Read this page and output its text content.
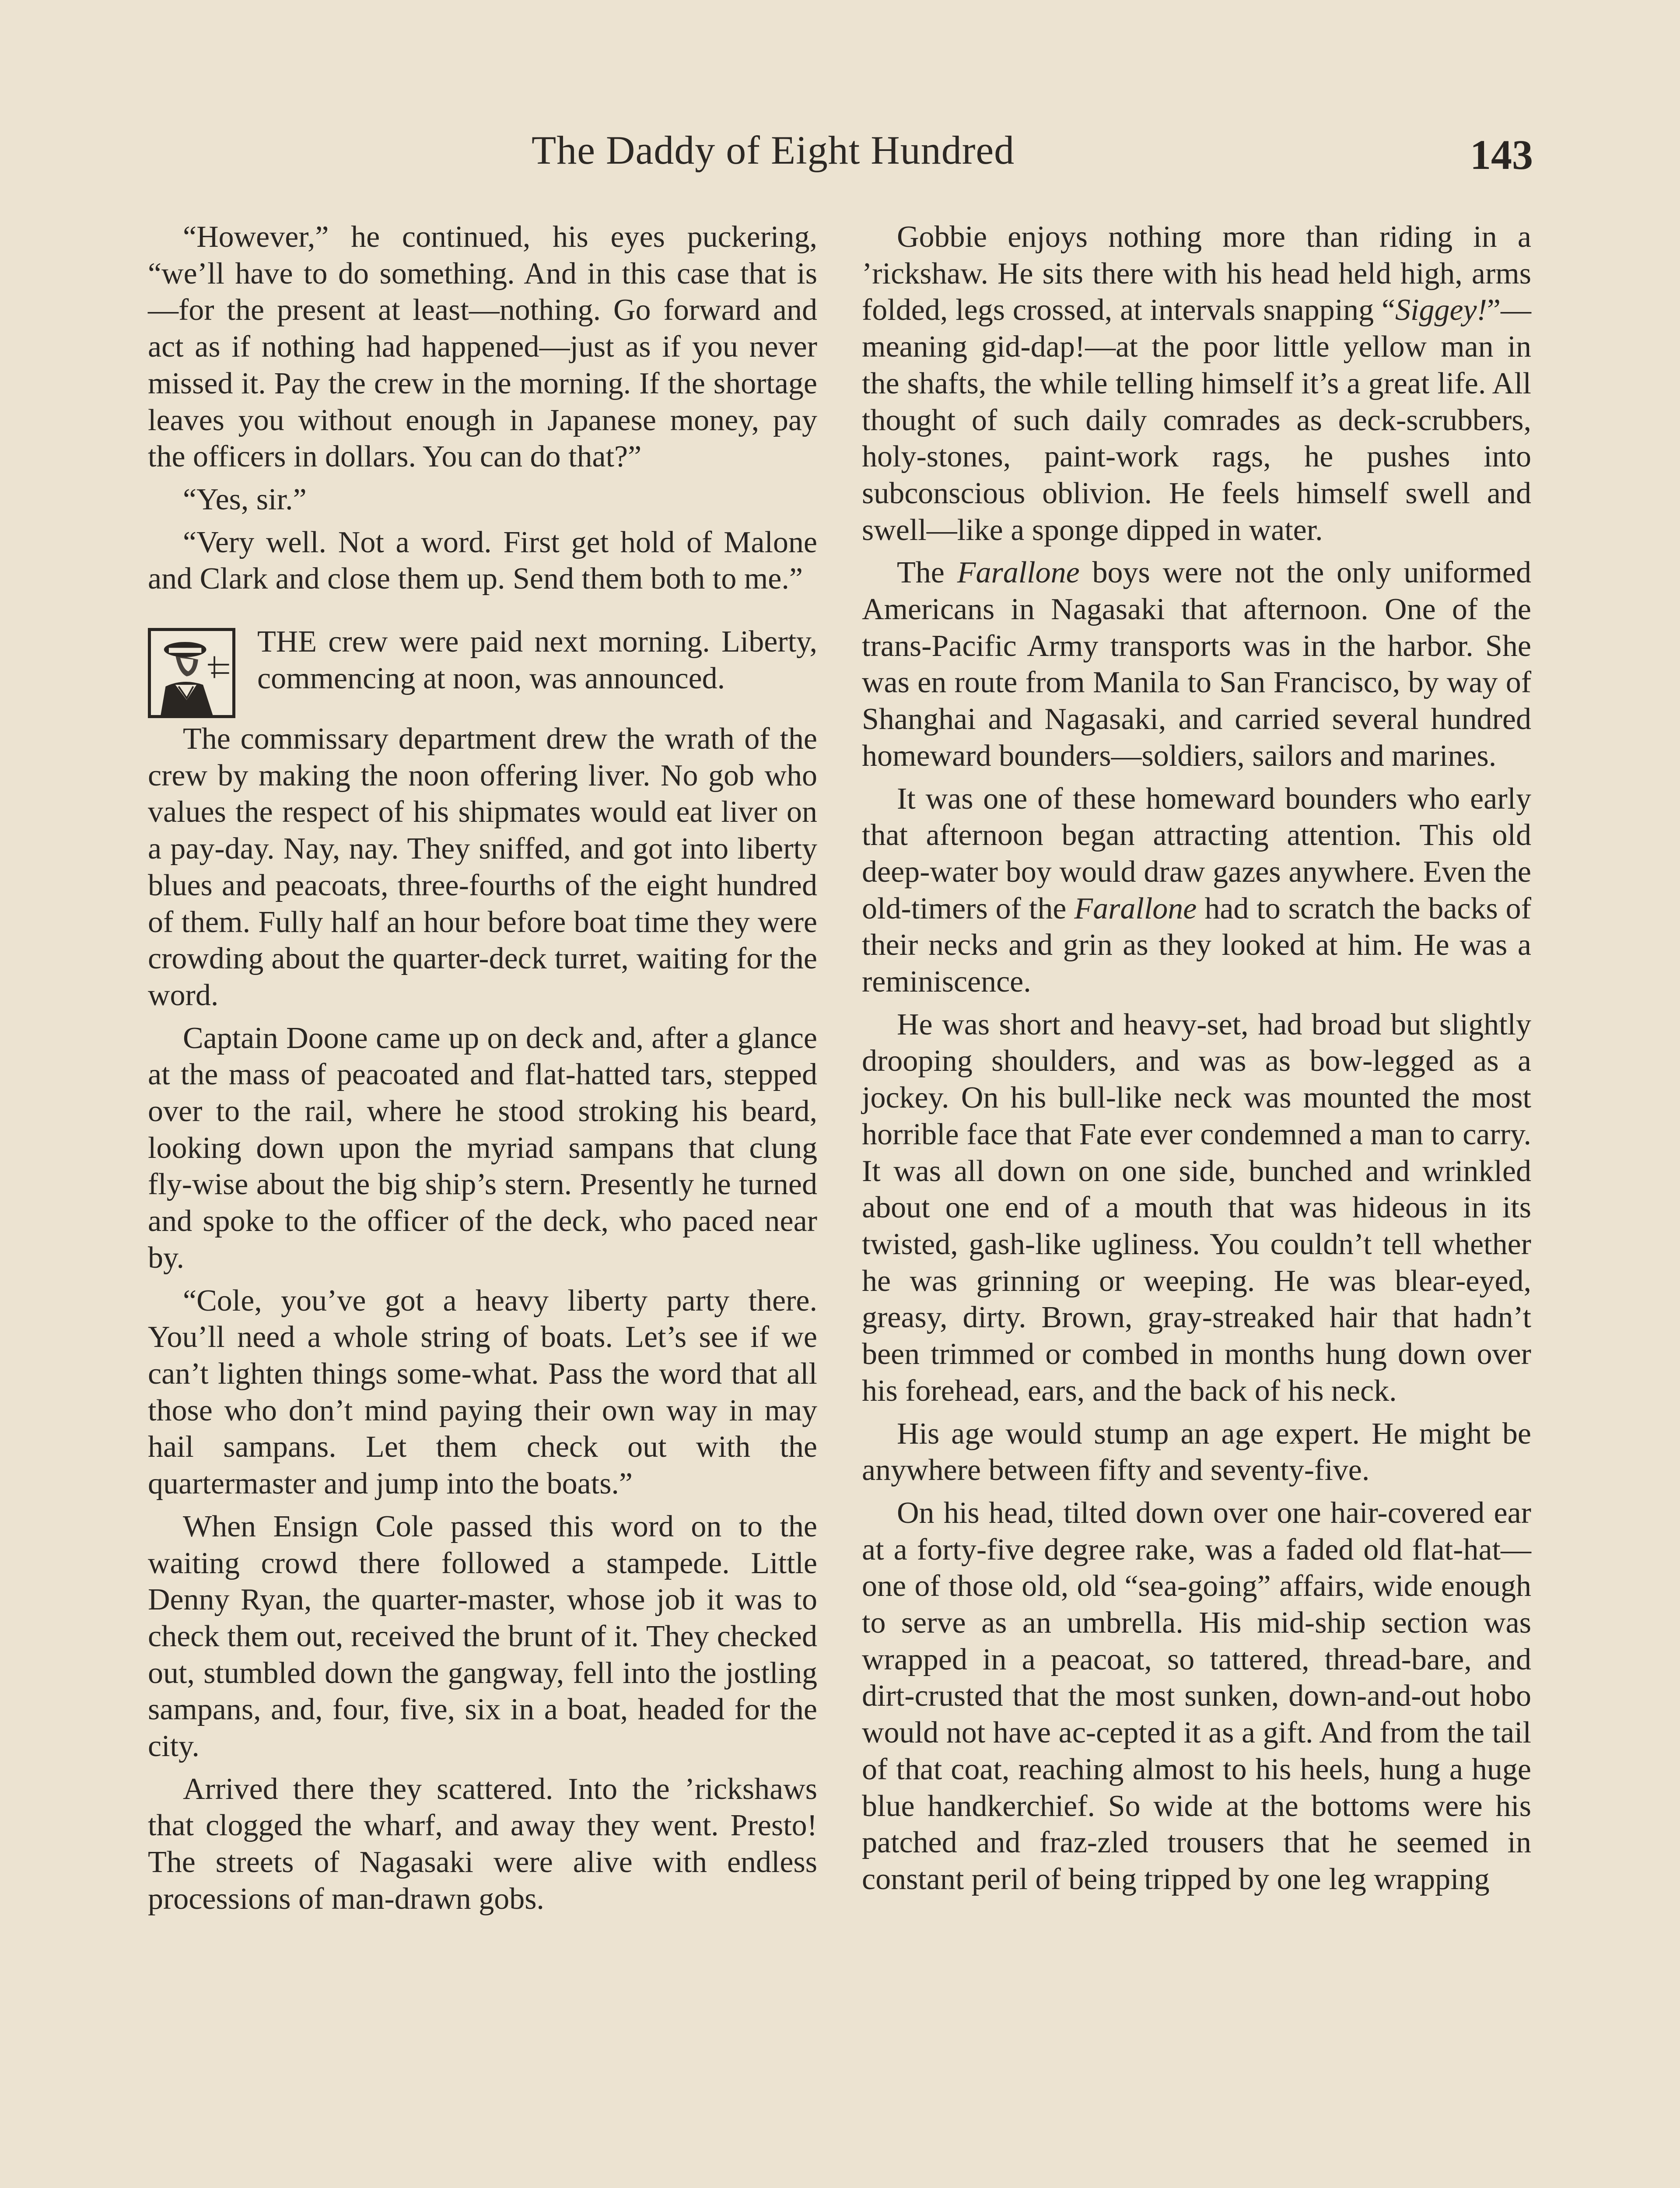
The Daddy of Eight Hundred	143

“However,” he continued, his eyes puckering, “we’ll have to do something. And in this case that is—for the present at least—nothing. Go forward and act as if nothing had happened—just as if you never missed it. Pay the crew in the morning. If the shortage leaves you without enough in Japanese money, pay the officers in dollars. You can do that?”

“Yes, sir.”

“Very well. Not a word. First get hold of Malone and Clark and close them up. Send them both to me.”

THE crew were paid next morning. Liberty, commencing at noon, was announced.

The commissary department drew the wrath of the crew by making the noon offering liver. No gob who values the respect of his shipmates would eat liver on a pay-day. Nay, nay. They sniffed, and got into liberty blues and peacoats, three-fourths of the eight hundred of them. Fully half an hour before boat time they were crowding about the quarter-deck turret, waiting for the word.

Captain Doone came up on deck and, after a glance at the mass of peacoated and flat-hatted tars, stepped over to the rail, where he stood stroking his beard, looking down upon the myriad sampans that clung fly-wise about the big ship’s stern. Presently he turned and spoke to the officer of the deck, who paced near by.

“Cole, you’ve got a heavy liberty party there. You’ll need a whole string of boats. Let’s see if we can’t lighten things some-what. Pass the word that all those who don’t mind paying their own way in may hail sampans. Let them check out with the quartermaster and jump into the boats.”

When Ensign Cole passed this word on to the waiting crowd there followed a stampede. Little Denny Ryan, the quarter-master, whose job it was to check them out, received the brunt of it. They checked out, stumbled down the gangway, fell into the jostling sampans, and, four, five, six in a boat, headed for the city.

Arrived there they scattered. Into the ’rickshaws that clogged the wharf, and away they went. Presto! The streets of Nagasaki were alive with endless processions of man-drawn gobs.

Gobbie enjoys nothing more than riding in a ’rickshaw. He sits there with his head held high, arms folded, legs crossed, at intervals snapping “Siggey!”—meaning gid-dap!—at the poor little yellow man in the shafts, the while telling himself it’s a great life. All thought of such daily comrades as deck-scrubbers, holy-stones, paint-work rags, he pushes into subconscious oblivion. He feels himself swell and swell—like a sponge dipped in water.

The Farallone boys were not the only uniformed Americans in Nagasaki that afternoon. One of the trans-Pacific Army transports was in the harbor. She was en route from Manila to San Francisco, by way of Shanghai and Nagasaki, and carried several hundred homeward bounders—soldiers, sailors and marines.

It was one of these homeward bounders who early that afternoon began attracting attention. This old deep-water boy would draw gazes anywhere. Even the old-timers of the Farallone had to scratch the backs of their necks and grin as they looked at him. He was a reminiscence.

He was short and heavy-set, had broad but slightly drooping shoulders, and was as bow-legged as a jockey. On his bull-like neck was mounted the most horrible face that Fate ever condemned a man to carry. It was all down on one side, bunched and wrinkled about one end of a mouth that was hideous in its twisted, gash-like ugliness. You couldn’t tell whether he was grinning or weeping. He was blear-eyed, greasy, dirty. Brown, gray-streaked hair that hadn’t been trimmed or combed in months hung down over his forehead, ears, and the back of his neck.

His age would stump an age expert. He might be anywhere between fifty and seventy-five.

On his head, tilted down over one hair-covered ear at a forty-five degree rake, was a faded old flat-hat—one of those old, old “sea-going” affairs, wide enough to serve as an umbrella. His mid-ship section was wrapped in a peacoat, so tattered, thread-bare, and dirt-crusted that the most sunken, down-and-out hobo would not have ac-cepted it as a gift. And from the tail of that coat, reaching almost to his heels, hung a huge blue handkerchief. So wide at the bottoms were his patched and fraz-zled trousers that he seemed in constant peril of being tripped by one leg wrapping
